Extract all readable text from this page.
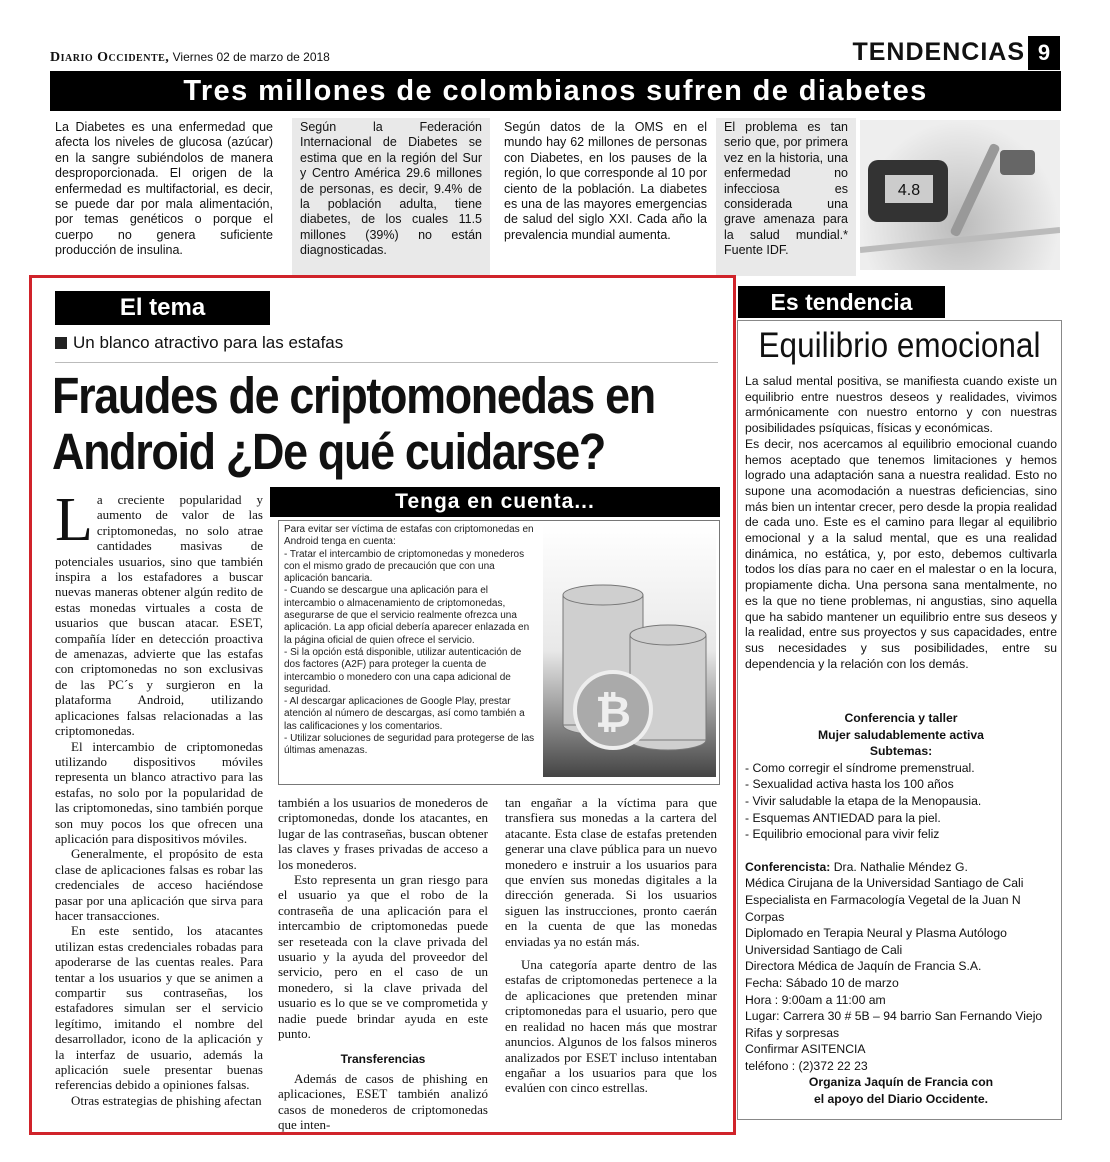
Diario Occidente, Viernes 02 de marzo de 2018	TENDENCIAS 9
Tres millones de colombianos sufren de diabetes
La Diabetes es una enfermedad que afecta los niveles de glucosa (azúcar) en la sangre subiéndolos de manera desproporcionada. El origen de la enfermedad es multifactorial, es decir, se puede dar por mala alimentación, por temas genéticos o porque el cuerpo no genera suficiente producción de insulina.
Según la Federación Internacional de Diabetes se estima que en la región del Sur y Centro América 29.6 millones de personas, es decir, 9.4% de la población adulta, tiene diabetes, de los cuales 11.5 millones (39%) no están diagnosticadas.
Según datos de la OMS en el mundo hay 62 millones de personas con Diabetes, en los pauses de la región, lo que corresponde al 10 por ciento de la población. La diabetes es una de las mayores emergencias de salud del siglo XXI. Cada año la prevalencia mundial aumenta.
El problema es tan serio que, por primera vez en la historia, una enfermedad no infecciosa es considerada una grave amenaza para la salud mundial.* Fuente IDF.
4.8
El tema
Un blanco atractivo para las estafas
Fraudes de criptomonedas en Android ¿De qué cuidarse?
L a creciente popularidad y aumento de valor de las criptomonedas, no solo atrae cantidades masivas de potenciales usuarios, sino que también inspira a los estafadores a buscar nuevas maneras obtener algún redito de estas monedas virtuales a costa de usuarios que buscan atacar. ESET, compañía líder en detección proactiva de amenazas, advierte que las estafas con criptomonedas no son exclusivas de las PC´s y surgieron en la plataforma Android, utilizando aplicaciones falsas relacionadas a las criptomonedas.

El intercambio de criptomonedas utilizando dispositivos móviles representa un blanco atractivo para las estafas, no solo por la popularidad de las criptomonedas, sino también porque son muy pocos los que ofrecen una aplicación para dispositivos móviles.

Generalmente, el propósito de esta clase de aplicaciones falsas es robar las credenciales de acceso haciéndose pasar por una aplicación que sirva para hacer transacciones.

En este sentido, los atacantes utilizan estas credenciales robadas para apoderarse de las cuentas reales. Para tentar a los usuarios y que se animen a compartir sus contraseñas, los estafadores simulan ser el servicio legítimo, imitando el nombre del desarrollador, icono de la aplicación y la interfaz de usuario, además la aplicación suele presentar buenas referencias debido a opiniones falsas.

Otras estrategias de phishing afectan

Tenga en cuenta...
Para evitar ser víctima de estafas con criptomonedas en Android tenga en cuenta:
- Tratar el intercambio de criptomonedas y monederos con el mismo grado de precaución que con una aplicación bancaria.
- Cuando se descargue una aplicación para el intercambio o almacenamiento de criptomonedas, asegurarse de que el servicio realmente ofrezca una aplicación. La app oficial debería aparecer enlazada en la página oficial de quien ofrece el servicio.
- Si la opción está disponible, utilizar autenticación de dos factores (A2F) para proteger la cuenta de intercambio o monedero con una capa adicional de seguridad.
- Al descargar aplicaciones de Google Play, prestar atención al número de descargas, así como también a las calificaciones y los comentarios.
- Utilizar soluciones de seguridad para protegerse de las últimas amenazas.
₿
también a los usuarios de monederos de criptomonedas, donde los atacantes, en lugar de las contraseñas, buscan obtener las claves y frases privadas de acceso a los monederos.

Esto representa un gran riesgo para el usuario ya que el robo de la contraseña de una aplicación para el intercambio de criptomonedas puede ser reseteada con la clave privada del usuario y la ayuda del proveedor del servicio, pero en el caso de un monedero, si la clave privada del usuario es lo que se ve comprometida y nadie puede brindar ayuda en este punto.

Transferencias

Además de casos de phishing en aplicaciones, ESET también analizó casos de monederos de criptomonedas que inten-

tan engañar a la víctima para que transfiera sus monedas a la cartera del atacante. Esta clase de estafas pretenden generar una clave pública para un nuevo monedero e instruir a los usuarios para que envíen sus monedas digitales a la dirección generada. Si los usuarios siguen las instrucciones, pronto caerán en la cuenta de que las monedas enviadas ya no están más.

Una categoría aparte dentro de las estafas de criptomonedas pertenece a la de aplicaciones que pretenden minar criptomonedas para el usuario, pero que en realidad no hacen más que mostrar anuncios. Algunos de los falsos mineros analizados por ESET incluso intentaban engañar a los usuarios para que los evalúen con cinco estrellas.

Es tendencia
Equilibrio emocional
La salud mental positiva, se manifiesta cuando existe un equilibrio entre nuestros deseos y realidades, vivimos armónicamente con nuestro entorno y con nuestras posibilidades psíquicas, físicas y económicas.
Es decir, nos acercamos al equilibrio emocional cuando hemos aceptado que tenemos limitaciones y hemos logrado una adaptación sana a nuestra realidad. Esto no supone una acomodación a nuestras deficiencias, sino más bien un intentar crecer, pero desde la propia realidad de cada uno. Este es el camino para llegar al equilibrio emocional y a la salud mental, que es una realidad dinámica, no estática, y, por esto, debemos cultivarla todos los días para no caer en el malestar o en la locura, propiamente dicha. Una persona sana mentalmente, no es la que no tiene problemas, ni angustias, sino aquella que ha sabido mantener un equilibrio entre sus deseos y la realidad, entre sus proyectos y sus capacidades, entre sus necesidades y sus posibilidades, entre su dependencia y la relación con los demás.
Conferencia y taller
Mujer saludablemente activa
Subtemas:
- Como corregir el síndrome premenstrual.
- Sexualidad activa hasta los 100 años
- Vivir saludable la etapa de la Menopausia.
- Esquemas ANTIEDAD para la piel.
- Equilibrio emocional para vivir feliz
Conferencista: Dra. Nathalie Méndez G.
Médica Cirujana de la Universidad Santiago de Cali
Especialista en Farmacología Vegetal de la Juan N Corpas
Diplomado en Terapia Neural y Plasma Autólogo
Universidad Santiago de Cali
Directora Médica de Jaquín de Francia S.A.
Fecha: Sábado 10 de marzo
Hora : 9:00am a 11:00 am
Lugar: Carrera 30 # 5B – 94 barrio San Fernando Viejo
Rifas y sorpresas
Confirmar ASITENCIA
teléfono : (2)372 22 23
Organiza Jaquín de Francia con
el apoyo del Diario Occidente.
